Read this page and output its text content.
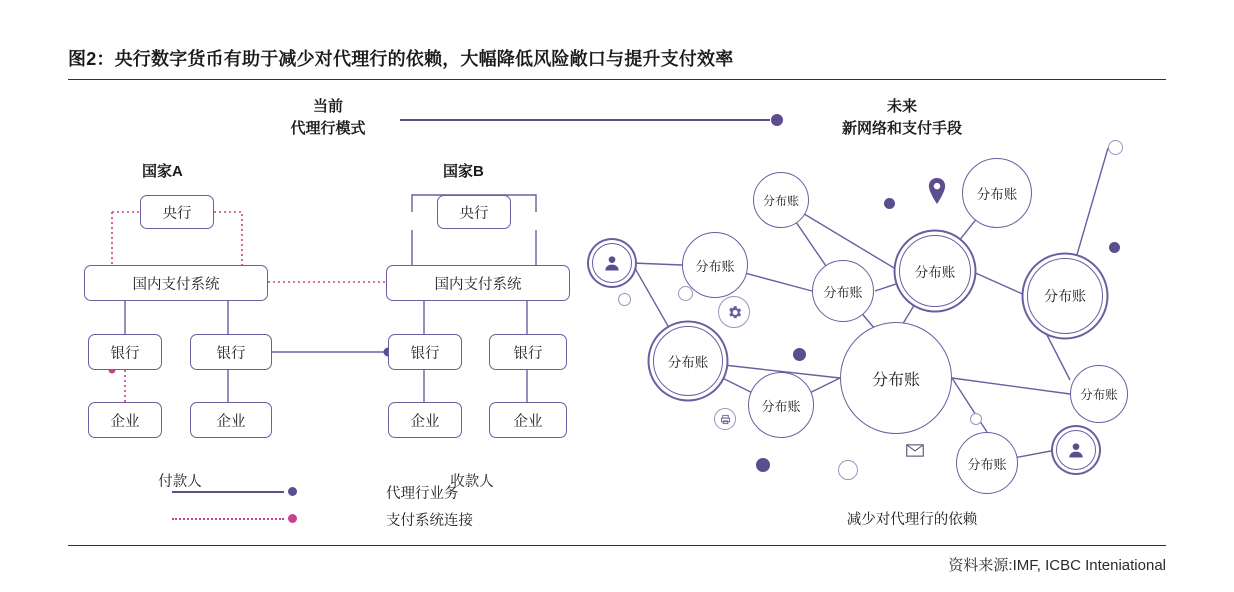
图2：央行数字货币有助于减少对代理行的依赖，大幅降低风险敞口与提升支付效率
当前
代理行模式
未来
新网络和支付手段
国家A	国家B
央行
国内支付系统
银行	银行
企业	企业
央行
国内支付系统
银行	银行
企业	企业
付款人	收款人
代理行业务
支付系统连接
分布账	分布账
分布账
分布账
分布账
分布账
分布账
分布账
分布账
分布账
分布账
减少对代理行的依赖
资料来源:IMF, ICBC Inteniational
